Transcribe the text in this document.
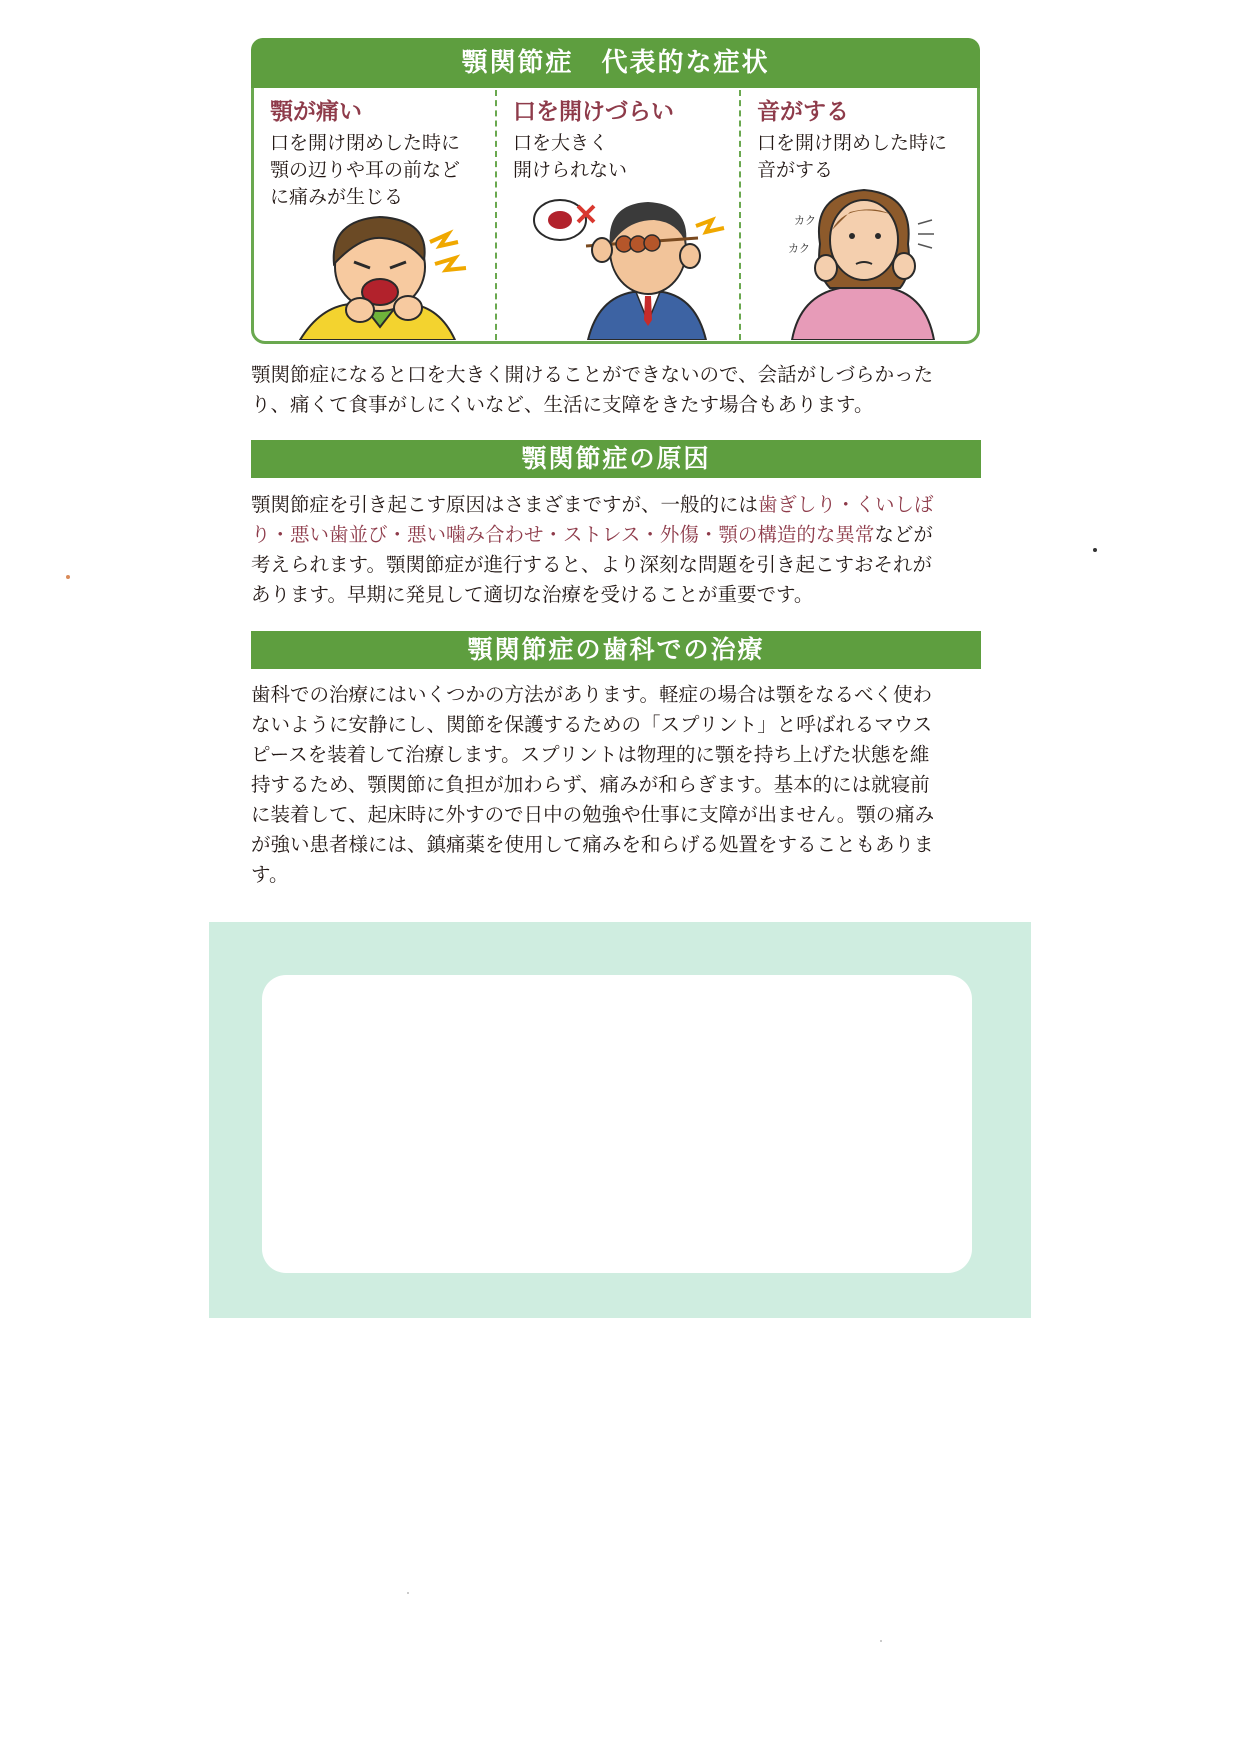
顎関節症 代表的な症状
顎が痛い
口を開け閉めした時に
顎の辺りや耳の前など
に痛みが生じる
口を開けづらい
口を大きく
開けられない
音がする
口を開け閉めした時に
音がする
カク
カク
顎関節症になると口を大きく開けることができないので、会話がしづらかった
り、痛くて食事がしにくいなど、生活に支障をきたす場合もあります。
顎関節症の原因
顎関節症を引き起こす原因はさまざまですが、一般的には歯ぎしり・くいしば
り・悪い歯並び・悪い噛み合わせ・ストレス・外傷・顎の構造的な異常などが
考えられます。顎関節症が進行すると、より深刻な問題を引き起こすおそれが
あります。早期に発見して適切な治療を受けることが重要です。
顎関節症の歯科での治療
歯科での治療にはいくつかの方法があります。軽症の場合は顎をなるべく使わ
ないように安静にし、関節を保護するための「スプリント」と呼ばれるマウス
ピースを装着して治療します。スプリントは物理的に顎を持ち上げた状態を維
持するため、顎関節に負担が加わらず、痛みが和らぎます。基本的には就寝前
に装着して、起床時に外すので日中の勉強や仕事に支障が出ません。顎の痛み
が強い患者様には、鎮痛薬を使用して痛みを和らげる処置をすることもありま
す。
